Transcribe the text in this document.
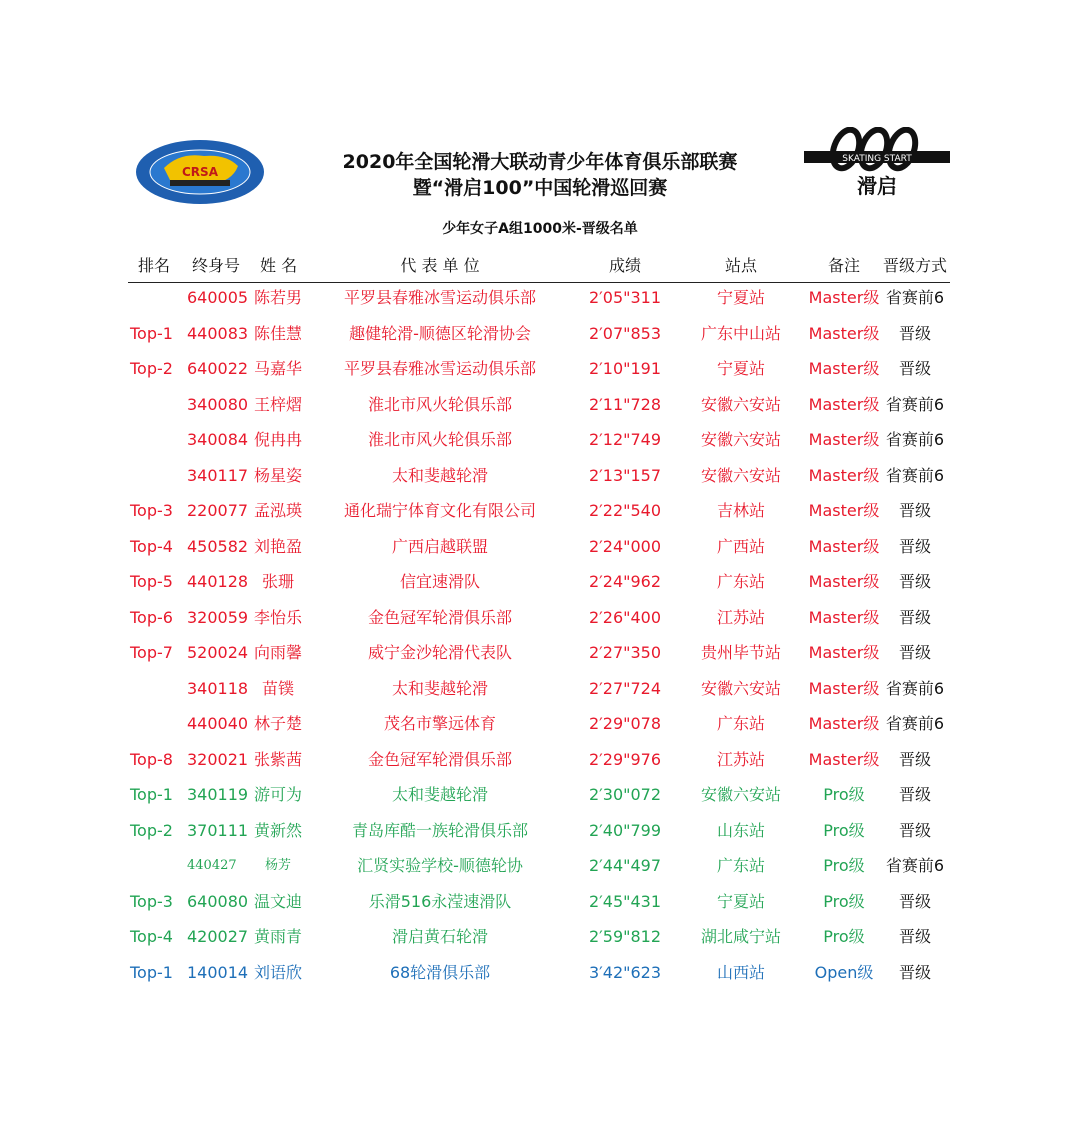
CRSA
SKATING START
滑启
2020年全国轮滑大联动青少年体育俱乐部联赛
暨“滑启100”中国轮滑巡回赛
少年女子A组1000米-晋级名单
排名 终身号 姓 名	代 表 单 位	成绩	站点	备注	晋级方式
640005 陈若男	平罗县春雅冰雪运动俱乐部	2′05"311	宁夏站	Master级 省赛前6
Top-1 440083 陈佳慧	趣健轮滑-顺德区轮滑协会	2′07"853	广东中山站	Master级	晋级
Top-2 640022 马嘉华	平罗县春雅冰雪运动俱乐部	2′10"191	宁夏站	Master级	晋级
340080 王梓熠	淮北市风火轮俱乐部	2′11"728	安徽六安站	Master级 省赛前6
340084 倪冉冉	淮北市风火轮俱乐部	2′12"749	安徽六安站	Master级 省赛前6
340117 杨星姿	太和斐越轮滑	2′13"157	安徽六安站	Master级 省赛前6
Top-3 220077 孟泓瑛	通化瑞宁体育文化有限公司	2′22"540	吉林站	Master级	晋级
Top-4 450582 刘艳盈	广西启越联盟	2′24"000	广西站	Master级	晋级
Top-5 440128 张珊	信宜速滑队	2′24"962	广东站	Master级	晋级
Top-6 320059 李怡乐	金色冠军轮滑俱乐部	2′26"400	江苏站	Master级	晋级
Top-7 520024 向雨馨	威宁金沙轮滑代表队	2′27"350	贵州毕节站	Master级	晋级
340118 苗镤	太和斐越轮滑	2′27"724	安徽六安站	Master级 省赛前6
440040 林子楚	茂名市擎远体育	2′29"078	广东站	Master级 省赛前6
Top-8 320021 张紫茜	金色冠军轮滑俱乐部	2′29"976	江苏站	Master级	晋级
Top-1 340119 游可为	太和斐越轮滑	2′30"072	安徽六安站	Pro级	晋级
Top-2 370111 黄新然	青岛库酷一族轮滑俱乐部	2′40"799	山东站	Pro级	晋级
440427	杨芳	汇贤实验学校-顺德轮协	2′44"497	广东站	Pro级	省赛前6
Top-3 640080 温文迪	乐滑516永滢速滑队	2′45"431	宁夏站	Pro级	晋级
Top-4 420027 黄雨青	滑启黄石轮滑	2′59"812	湖北咸宁站	Pro级	晋级
Top-1 140014 刘语欣	68轮滑俱乐部	3′42"623	山西站	Open级	晋级
